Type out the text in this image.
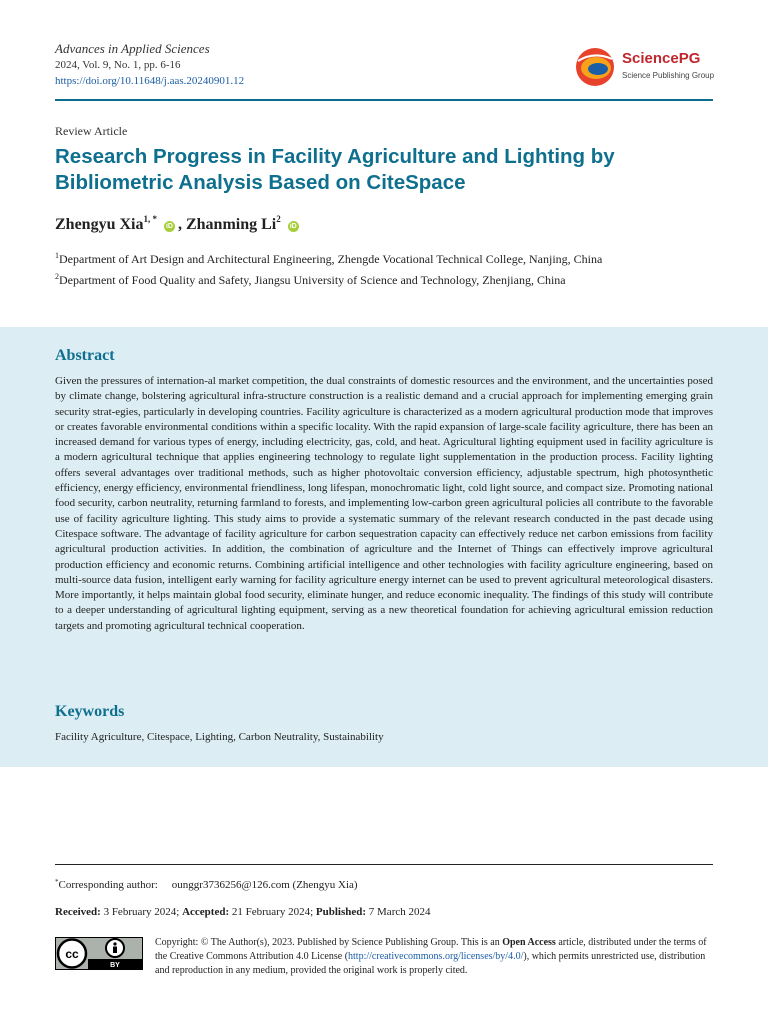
Advances in Applied Sciences
2024, Vol. 9, No. 1, pp. 6-16
https://doi.org/10.11648/j.aas.20240901.12
SciencePG
Science Publishing Group
Review Article
Research Progress in Facility Agriculture and Lighting by Bibliometric Analysis Based on CiteSpace
Zhengyu Xia$^{1, *}$ iD , Zhanming Li$^2$ iD
$^1$Department of Art Design and Architectural Engineering, Zhengde Vocational Technical College, Nanjing, China
$^2$Department of Food Quality and Safety, Jiangsu University of Science and Technology, Zhenjiang, China
Abstract
Given the pressures of internation-al market competition, the dual constraints of domestic resources and the environment, and the uncertainties posed by climate change, bolstering agricultural infra-structure construction is a realistic demand and a crucial approach for implementing emerging grain security strat-egies, particularly in developing countries. Facility agriculture is characterized as a modern agricultural production mode that improves or creates favorable environmental conditions within a specific locality. With the rapid expansion of large-scale facility agriculture, there has been an increased demand for various types of energy, including electricity, gas, cold, and heat. Agricultural lighting equipment used in facility agriculture is a modern agricultural technique that applies engineering technology to regulate light supplementation in the production process. Facility lighting offers several advantages over traditional methods, such as higher photovoltaic conversion efficiency, adjustable spectrum, high photosynthetic efficiency, energy efficiency, environmental friendliness, long lifespan, monochromatic light, cold light source, and compact size. Promoting national food security, carbon neutrality, returning farmland to forests, and implementing low-carbon green agricultural policies all contribute to the favorable use of facility agriculture lighting. This study aims to provide a systematic summary of the relevant research conducted in the past decade using Citespace software. The advantage of facility agriculture for carbon sequestration capacity can effectively reduce net carbon emissions from facility agricultural production activities. In addition, the combination of agriculture and the Internet of Things can effectively improve agricultural production efficiency and economic returns. Combining artificial intelligence and other technologies with facility agriculture engineering, based on multi-source data fusion, intelligent early warning for facility agriculture energy internet can be used to prevent agricultural meteorological disasters. More importantly, it helps maintain global food security, eliminate hunger, and reduce economic inequality. The findings of this study will contribute to a deeper understanding of agricultural lighting equipment, serving as a new theoretical foundation for achieving agricultural emission reduction targets and promoting agricultural technical cooperation.
Keywords
Facility Agriculture, Citespace, Lighting, Carbon Neutrality, Sustainability
*Corresponding author: ounggr3736256@126.com (Zhengyu Xia)
Received: 3 February 2024; Accepted: 21 February 2024; Published: 7 March 2024
cc
BY
Copyright: © The Author(s), 2023. Published by Science Publishing Group. This is an Open Access article, distributed under the terms of the Creative Commons Attribution 4.0 License (http://creativecommons.org/licenses/by/4.0/), which permits unrestricted use, distribution and reproduction in any medium, provided the original work is properly cited.
